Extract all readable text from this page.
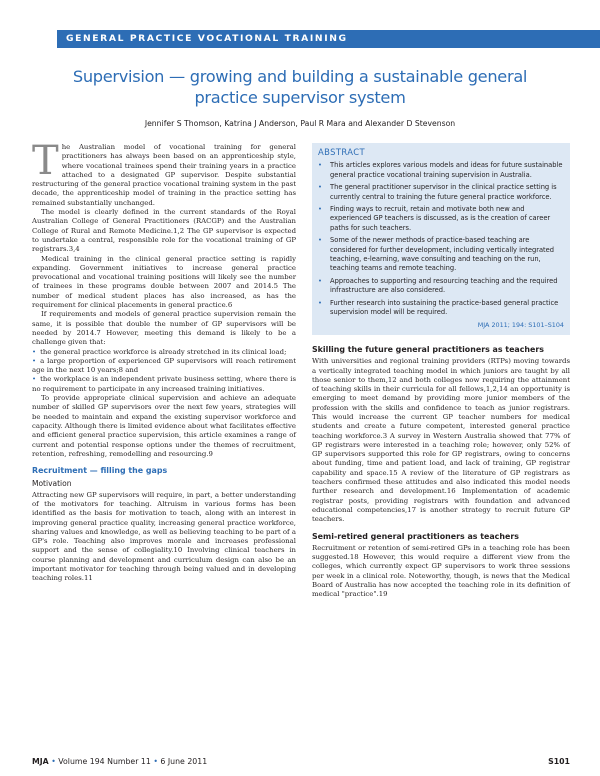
GENERAL PRACTICE VOCATIONAL TRAINING
Supervision — growing and building a sustainable general practice supervisor system
Jennifer S Thomson, Katrina J Anderson, Paul R Mara and Alexander D Stevenson
T he Australian model of vocational training for general practitioners has always been based on an apprenticeship style, where vocational trainees spend their training years in a practice attached to a designated GP supervisor. Despite substantial restructuring of the general practice vocational training system in the past decade, the apprenticeship model of training in the practice setting has remained substantially unchanged.

The model is clearly defined in the current standards of the Royal Australian College of General Practitioners (RACGP) and the Australian College of Rural and Remote Medicine.1,2 The GP supervisor is expected to undertake a central, responsible role for the vocational training of GP registrars.3,4

Medical training in the clinical general practice setting is rapidly expanding. Government initiatives to increase general practice prevocational and vocational training positions will likely see the number of trainees in these programs double between 2007 and 2014.5 The number of medical student places has also increased, as has the requirement for clinical placements in general practice.6

If requirements and models of general practice supervision remain the same, it is possible that double the number of GP supervisors will be needed by 2014.7 However, meeting this demand is likely to be a challenge given that:

• the general practice workforce is already stretched in its clinical load;

• a large proportion of experienced GP supervisors will reach retirement age in the next 10 years;8 and

• the workplace is an independent private business setting, where there is no requirement to participate in any increased training initiatives.

To provide appropriate clinical supervision and achieve an adequate number of skilled GP supervisors over the next few years, strategies will be needed to maintain and expand the existing supervisor workforce and capacity. Although there is limited evidence about what facilitates effective and efficient general practice supervision, this article examines a range of current and potential response options under the themes of recruitment, retention, refreshing, remodelling and resourcing.9

Recruitment — filling the gaps
Motivation

Attracting new GP supervisors will require, in part, a better understanding of the motivators for teaching. Altruism in various forms has been identified as the basis for motivation to teach, along with an interest in improving general practice quality, increasing general practice workforce, sharing values and knowledge, as well as believing teaching to be part of a GP's role. Teaching also improves morale and increases professional support and the sense of collegiality.10 Involving clinical teachers in course planning and development and curriculum design can also be an important motivator for teaching through being valued and in developing teaching roles.11

ABSTRACT
•	This articles explores various models and ideas for future sustainable general practice vocational training supervision in Australia.
•	The general practitioner supervisor in the clinical practice setting is currently central to training the future general practice workforce.
•	Finding ways to recruit, retain and motivate both new and experienced GP teachers is discussed, as is the creation of career paths for such teachers.
•	Some of the newer methods of practice-based teaching are considered for further development, including vertically integrated teaching, e-learning, wave consulting and teaching on the run, teaching teams and remote teaching.
•	Approaches to supporting and resourcing teaching and the required infrastructure are also considered.
•	Further research into sustaining the practice-based general practice supervision model will be required.
MJA 2011; 194: S101–S104
Skilling the future general practitioners as teachers

With universities and regional training providers (RTPs) moving towards a vertically integrated teaching model in which juniors are taught by all those senior to them,12 and both colleges now requiring the attainment of teaching skills in their curricula for all fellows,1,2,14 an opportunity is emerging to meet demand by providing more junior members of the profession with the skills and confidence to teach as junior registrars. This would increase the current GP teacher numbers for medical students and create a future competent, interested general practice teaching workforce.3 A survey in Western Australia showed that 77% of GP registrars were interested in a teaching role; however, only 52% of GP supervisors supported this role for GP registrars, owing to concerns about funding, time and patient load, and lack of training, GP registrar capability and space.15 A review of the literature of GP registrars as teachers confirmed these attitudes and also indicated this model needs further research and development.16 Implementation of academic registrar posts, providing registrars with foundation and advanced educational competencies,17 is another strategy to recruit future GP teachers.

Semi-retired general practitioners as teachers

Recruitment or retention of semi-retired GPs in a teaching role has been suggested.18 However, this would require a different view from the colleges, which currently expect GP supervisors to work three sessions per week in a clinical role. Noteworthy, though, is news that the Medical Board of Australia has now accepted the teaching role in its definition of medical "practice".19

MJA • Volume 194 Number 11 • 6 June 2011	S101
